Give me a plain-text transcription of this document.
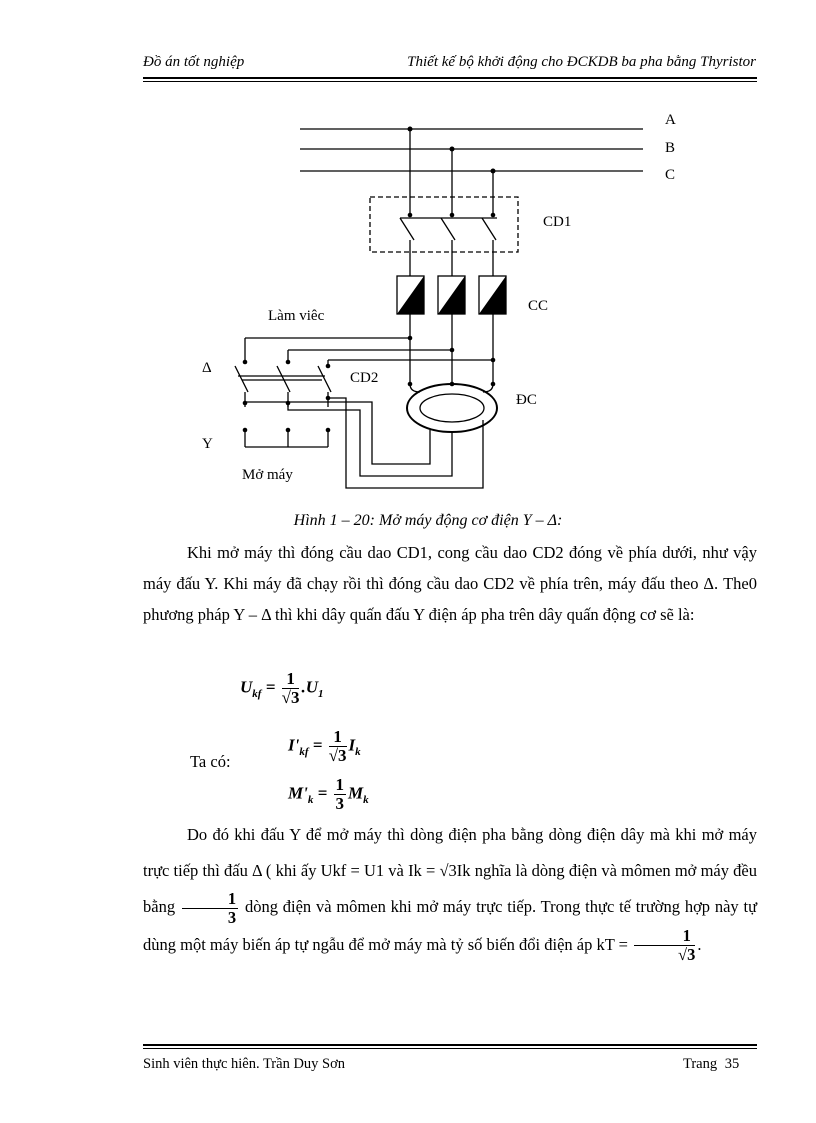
Đồ án tốt nghiệp	Thiết kế bộ khởi động cho ĐCKDB ba pha bằng Thyristor
A
B
C
CD1
CC
Làm viêc
Δ
CD2
ĐC
Y
Mở máy
Hình 1 – 20: Mở máy động cơ điện Y – Δ:
Khi mở máy thì đóng cầu dao CD1, cong cầu dao CD2 đóng về phía dưới, như vậy máy đấu Y. Khi máy đã chạy rồi thì đóng cầu dao CD2 về phía trên, máy đấu theo Δ. The0 phương pháp Y – Δ thì khi dây quấn đấu Y điện áp pha trên dây quấn động cơ sẽ là:
$U_{kf} = \frac{1}{√3} .U_1$
Ta có:
$I'_{kf} = \frac{1}{√3} I_k$
$M'_k = \frac{1}{3} M_k$
Do đó khi đấu Y để mở máy thì dòng điện pha bằng dòng điện dây mà khi mở máy trực tiếp thì đấu Δ ( khi ấy Ukf = U1 và Ik = √3Ik nghĩa là dòng điện và mômen mở máy đều bằng $\frac{1}{3}$ dòng điện và mômen khi mở máy trực tiếp. Trong thực tế trường hợp này tự dùng một máy biến áp tự ngẫu để mở máy mà tỷ số biến đổi điện áp kT = $\frac{1}{√3}$ .
Sinh viên thực hiên. Trần Duy Sơn	Trang 35
